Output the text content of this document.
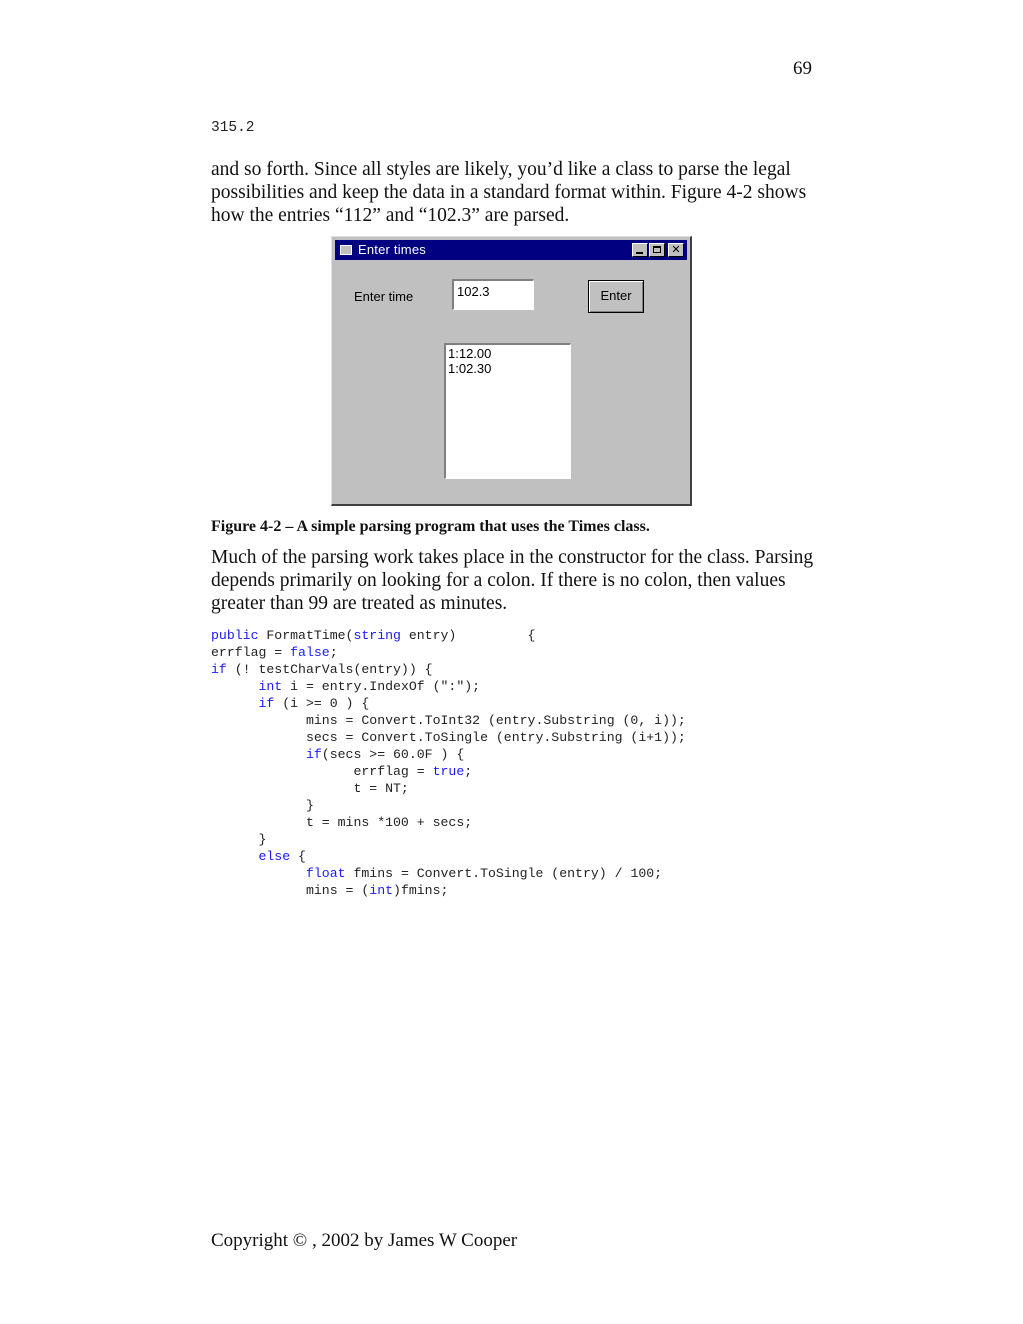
69
315.2

and so forth. Since all styles are likely, you’d like a class to parse the legal possibilities and keep the data in a standard format within. Figure 4-2 shows how the entries “112” and “102.3” are parsed.

Enter times	✕
Enter time	102.3	Enter
1:12.00
1:02.30
Figure 4-2 – A simple parsing program that uses the Times class.

Much of the parsing work takes place in the constructor for the class. Parsing depends primarily on looking for a colon. If there is no colon, then values greater than 99 are treated as minutes.

public FormatTime(string entry)         {
errflag = false;
if (! testCharVals(entry)) {
int i = entry.IndexOf (":");
if (i >= 0 ) {
mins = Convert.ToInt32 (entry.Substring (0, i));
secs = Convert.ToSingle (entry.Substring (i+1));
if(secs >= 60.0F ) {
errflag = true;
t = NT;
}
t = mins *100 + secs;
}
else {
float fmins = Convert.ToSingle (entry) / 100;
mins = (int)fmins;
Copyright © , 2002 by James W Cooper
